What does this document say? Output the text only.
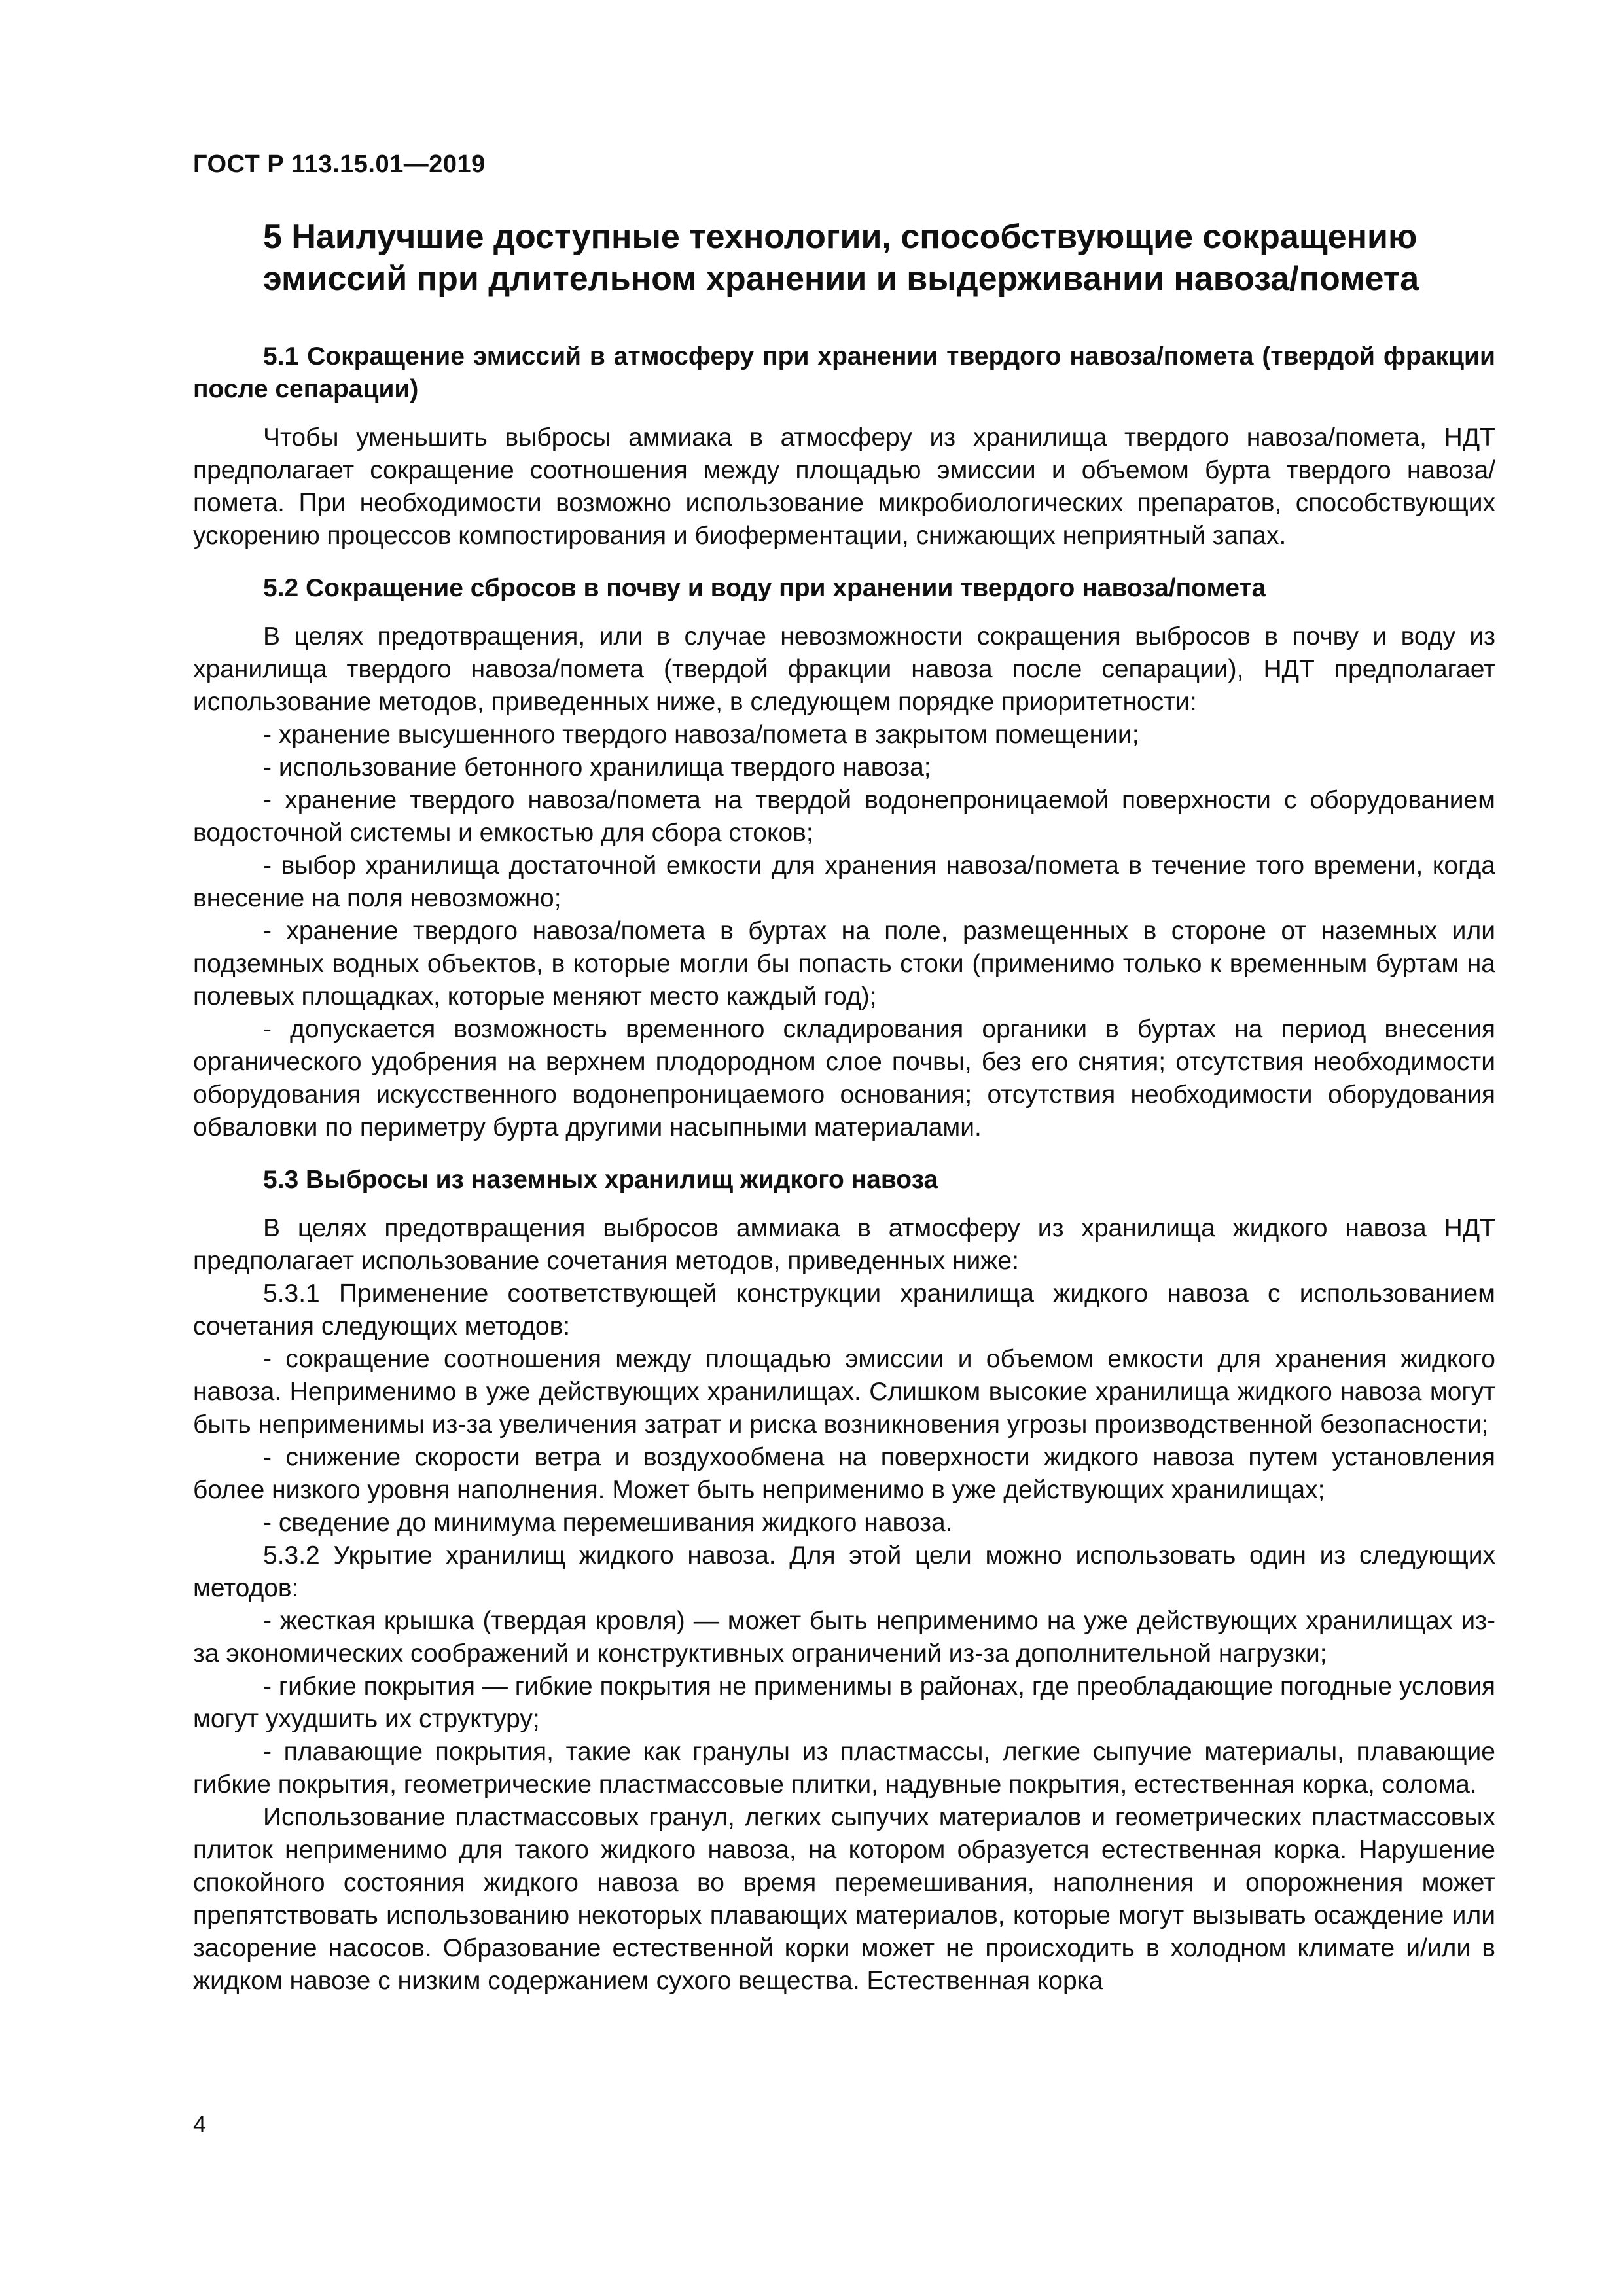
ГОСТ Р 113.15.01—2019
5 Наилучшие доступные технологии, способствующие сокращению эмиссий при длительном хранении и выдерживании навоза/помета
5.1 Сокращение эмиссий в атмосферу при хранении твердого навоза/помета (твердой фракции после сепарации)

Чтобы уменьшить выбросы аммиака в атмосферу из хранилища твердого навоза/помета, НДТ предполагает сокращение соотношения между площадью эмиссии и объемом бурта твердого навоза/помета. При необходимости возможно использование микробиологических препаратов, способствующих ускорению процессов компостирования и биоферментации, снижающих неприятный запах.

5.2 Сокращение сбросов в почву и воду при хранении твердого навоза/помета

В целях предотвращения, или в случае невозможности сокращения выбросов в почву и воду из хранилища твердого навоза/помета (твердой фракции навоза после сепарации), НДТ предполагает использование методов, приведенных ниже, в следующем порядке приоритетности:

- хранение высушенного твердого навоза/помета в закрытом помещении;

- использование бетонного хранилища твердого навоза;

- хранение твердого навоза/помета на твердой водонепроницаемой поверхности с оборудованием водосточной системы и емкостью для сбора стоков;

- выбор хранилища достаточной емкости для хранения навоза/помета в течение того времени, когда внесение на поля невозможно;

- хранение твердого навоза/помета в буртах на поле, размещенных в стороне от наземных или подземных водных объектов, в которые могли бы попасть стоки (применимо только к временным буртам на полевых площадках, которые меняют место каждый год);

- допускается возможность временного складирования органики в буртах на период внесения органического удобрения на верхнем плодородном слое почвы, без его снятия; отсутствия необходимости оборудования искусственного водонепроницаемого основания; отсутствия необходимости оборудования обваловки по периметру бурта другими насыпными материалами.

5.3 Выбросы из наземных хранилищ жидкого навоза

В целях предотвращения выбросов аммиака в атмосферу из хранилища жидкого навоза НДТ предполагает использование сочетания методов, приведенных ниже:

5.3.1 Применение соответствующей конструкции хранилища жидкого навоза с использованием сочетания следующих методов:

- сокращение соотношения между площадью эмиссии и объемом емкости для хранения жидкого навоза. Неприменимо в уже действующих хранилищах. Слишком высокие хранилища жидкого навоза могут быть неприменимы из-за увеличения затрат и риска возникновения угрозы производственной безопасности;

- снижение скорости ветра и воздухообмена на поверхности жидкого навоза путем установления более низкого уровня наполнения. Может быть неприменимо в уже действующих хранилищах;

- сведение до минимума перемешивания жидкого навоза.

5.3.2 Укрытие хранилищ жидкого навоза. Для этой цели можно использовать один из следующих методов:

- жесткая крышка (твердая кровля) — может быть неприменимо на уже действующих хранилищах из-за экономических соображений и конструктивных ограничений из-за дополнительной нагрузки;

- гибкие покрытия — гибкие покрытия не применимы в районах, где преобладающие погодные условия могут ухудшить их структуру;

- плавающие покрытия, такие как гранулы из пластмассы, легкие сыпучие материалы, плавающие гибкие покрытия, геометрические пластмассовые плитки, надувные покрытия, естественная корка, солома.

Использование пластмассовых гранул, легких сыпучих материалов и геометрических пластмассовых плиток неприменимо для такого жидкого навоза, на котором образуется естественная корка. Нарушение спокойного состояния жидкого навоза во время перемешивания, наполнения и опорожнения может препятствовать использованию некоторых плавающих материалов, которые могут вызывать осаждение или засорение насосов. Образование естественной корки может не происходить в холодном климате и/или в жидком навозе с низким содержанием сухого вещества. Естественная корка

4
